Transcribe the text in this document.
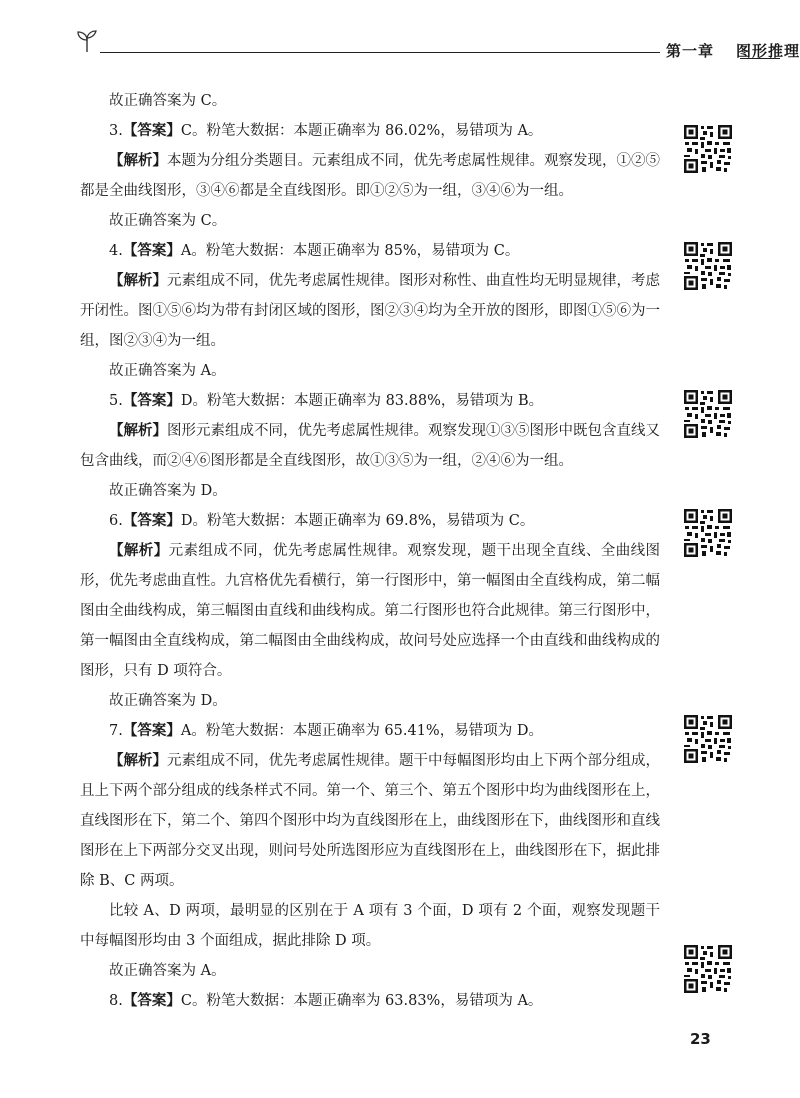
第一章 图形推理

故正确答案为 C。

3.【答案】C。粉笔大数据：本题正确率为 86.02%，易错项为 A。

【解析】本题为分组分类题目。元素组成不同，优先考虑属性规律。观察发现，①②⑤都是全曲线图形，③④⑥都是全直线图形。即①②⑤为一组，③④⑥为一组。

故正确答案为 C。

4.【答案】A。粉笔大数据：本题正确率为 85%，易错项为 C。

【解析】元素组成不同，优先考虑属性规律。图形对称性、曲直性均无明显规律，考虑开闭性。图①⑤⑥均为带有封闭区域的图形，图②③④均为全开放的图形，即图①⑤⑥为一组，图②③④为一组。

故正确答案为 A。

5.【答案】D。粉笔大数据：本题正确率为 83.88%，易错项为 B。

【解析】图形元素组成不同，优先考虑属性规律。观察发现①③⑤图形中既包含直线又包含曲线，而②④⑥图形都是全直线图形，故①③⑤为一组，②④⑥为一组。

故正确答案为 D。

6.【答案】D。粉笔大数据：本题正确率为 69.8%，易错项为 C。

【解析】元素组成不同，优先考虑属性规律。观察发现，题干出现全直线、全曲线图形，优先考虑曲直性。九宫格优先看横行，第一行图形中，第一幅图由全直线构成，第二幅图由全曲线构成，第三幅图由直线和曲线构成。第二行图形也符合此规律。第三行图形中，第一幅图由全直线构成，第二幅图由全曲线构成，故问号处应选择一个由直线和曲线构成的图形，只有 D 项符合。

故正确答案为 D。

7.【答案】A。粉笔大数据：本题正确率为 65.41%，易错项为 D。

【解析】元素组成不同，优先考虑属性规律。题干中每幅图形均由上下两个部分组成，且上下两个部分组成的线条样式不同。第一个、第三个、第五个图形中均为曲线图形在上，直线图形在下，第二个、第四个图形中均为直线图形在上，曲线图形在下，曲线图形和直线图形在上下两部分交叉出现，则问号处所选图形应为直线图形在上，曲线图形在下，据此排除 B、C 两项。

比较 A、D 两项，最明显的区别在于 A 项有 3 个面，D 项有 2 个面，观察发现题干中每幅图形均由 3 个面组成，据此排除 D 项。

故正确答案为 A。

8.【答案】C。粉笔大数据：本题正确率为 63.83%，易错项为 A。

23
